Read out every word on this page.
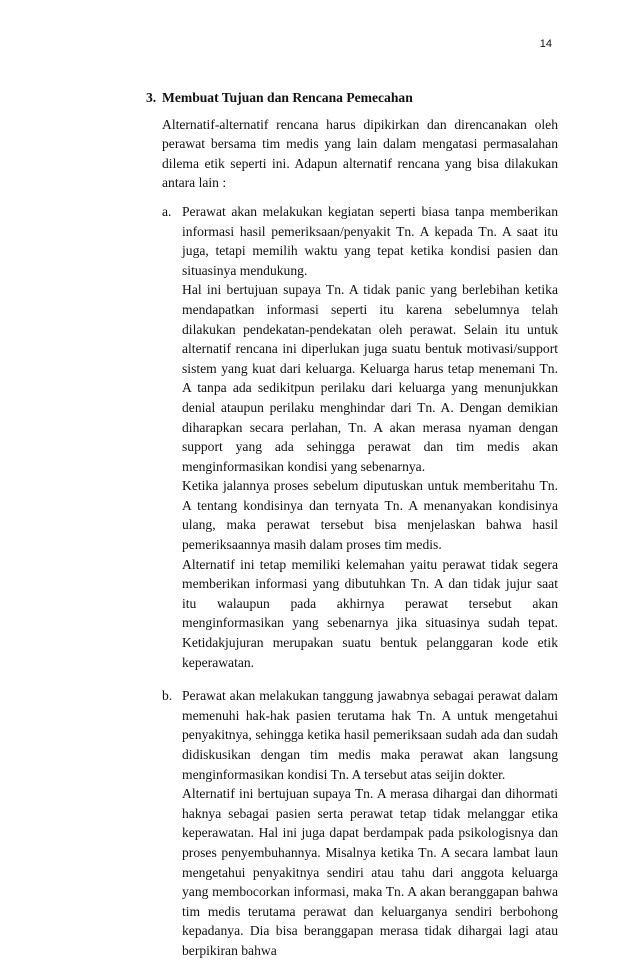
14
3. Membuat Tujuan dan Rencana Pemecahan
Alternatif-alternatif rencana harus dipikirkan dan direncanakan oleh perawat bersama tim medis yang lain dalam mengatasi permasalahan dilema etik seperti ini. Adapun alternatif rencana yang bisa dilakukan antara lain :
a. Perawat akan melakukan kegiatan seperti biasa tanpa memberikan informasi hasil pemeriksaan/penyakit Tn. A kepada Tn. A saat itu juga, tetapi memilih waktu yang tepat ketika kondisi pasien dan situasinya mendukung.

Hal ini bertujuan supaya Tn. A tidak panic yang berlebihan ketika mendapatkan informasi seperti itu karena sebelumnya telah dilakukan pendekatan-pendekatan oleh perawat. Selain itu untuk alternatif rencana ini diperlukan juga suatu bentuk motivasi/support sistem yang kuat dari keluarga. Keluarga harus tetap menemani Tn. A tanpa ada sedikitpun perilaku dari keluarga yang menunjukkan denial ataupun perilaku menghindar dari Tn. A. Dengan demikian diharapkan secara perlahan, Tn. A akan merasa nyaman dengan support yang ada sehingga perawat dan tim medis akan menginformasikan kondisi yang sebenarnya.

Ketika jalannya proses sebelum diputuskan untuk memberitahu Tn. A tentang kondisinya dan ternyata Tn. A menanyakan kondisinya ulang, maka perawat tersebut bisa menjelaskan bahwa hasil pemeriksaannya masih dalam proses tim medis.

Alternatif ini tetap memiliki kelemahan yaitu perawat tidak segera memberikan informasi yang dibutuhkan Tn. A dan tidak jujur saat itu walaupun pada akhirnya perawat tersebut akan menginformasikan yang sebenarnya jika situasinya sudah tepat. Ketidakjujuran merupakan suatu bentuk pelanggaran kode etik keperawatan.

b. Perawat akan melakukan tanggung jawabnya sebagai perawat dalam memenuhi hak-hak pasien terutama hak Tn. A untuk mengetahui penyakitnya, sehingga ketika hasil pemeriksaan sudah ada dan sudah didiskusikan dengan tim medis maka perawat akan langsung menginformasikan kondisi Tn. A tersebut atas seijin dokter.

Alternatif ini bertujuan supaya Tn. A merasa dihargai dan dihormati haknya sebagai pasien serta perawat tetap tidak melanggar etika keperawatan. Hal ini juga dapat berdampak pada psikologisnya dan proses penyembuhannya. Misalnya ketika Tn. A secara lambat laun mengetahui penyakitnya sendiri atau tahu dari anggota keluarga yang membocorkan informasi, maka Tn. A akan beranggapan bahwa tim medis terutama perawat dan keluarganya sendiri berbohong kepadanya. Dia bisa beranggapan merasa tidak dihargai lagi atau berpikiran bahwa
